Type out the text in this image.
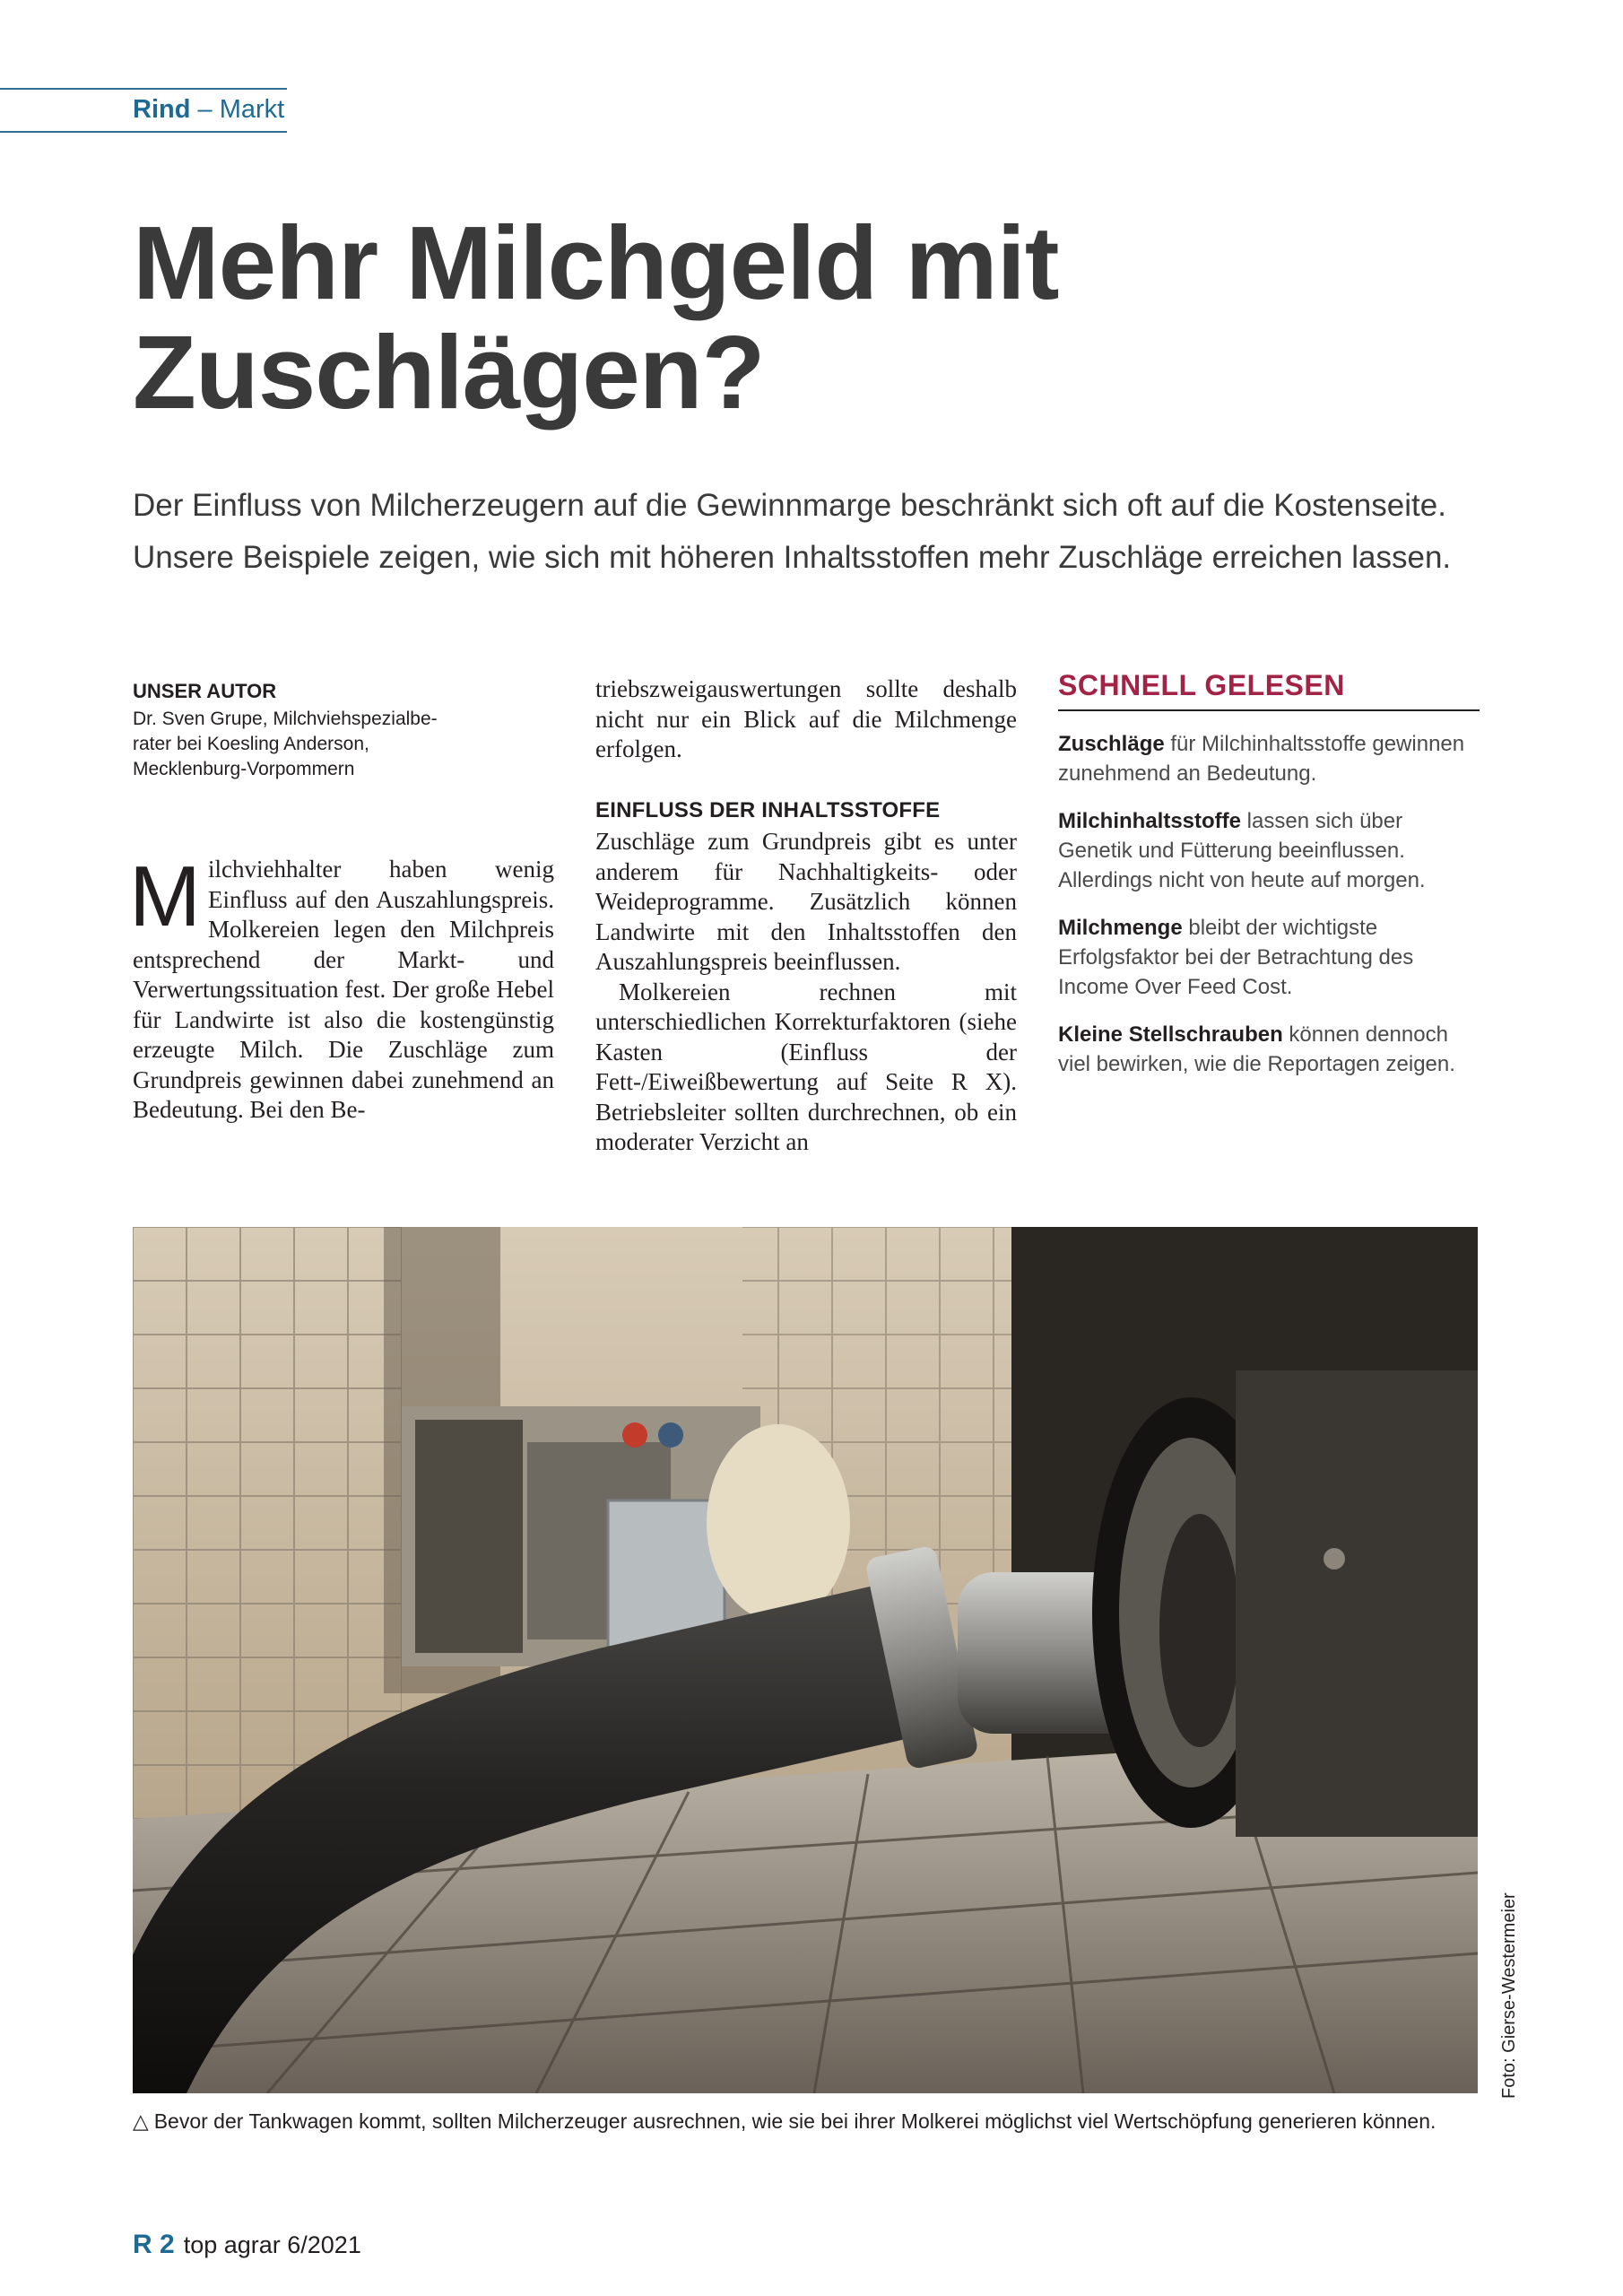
Rind – Markt
Mehr Milchgeld mit Zuschlägen?
Der Einfluss von Milcherzeugern auf die Gewinnmarge beschränkt sich oft auf die Kostenseite. Unsere Beispiele zeigen, wie sich mit höheren Inhaltsstoffen mehr Zuschläge erreichen lassen.
UNSER AUTOR
Dr. Sven Grupe, Milchviehspezialbe-
rater bei Koesling Anderson,
Mecklenburg-Vorpommern

Milchviehhalter haben wenig Einfluss auf den Auszahlungspreis. Molkereien legen den Milchpreis entsprechend der Markt- und Verwertungssituation fest. Der große Hebel für Landwirte ist also die kostengünstig erzeugte Milch. Die Zuschläge zum Grundpreis gewinnen dabei zunehmend an Bedeutung. Bei den Be-

triebszweigauswertungen sollte deshalb nicht nur ein Blick auf die Milchmenge erfolgen.

EINFLUSS DER INHALTSSTOFFE

Zuschläge zum Grundpreis gibt es unter anderem für Nachhaltigkeits- oder Weideprogramme. Zusätzlich können Landwirte mit den Inhaltsstoffen den Auszahlungspreis beeinflussen.

Molkereien rechnen mit unterschiedlichen Korrekturfaktoren (siehe Kasten (Einfluss der Fett-/Eiweißbewertung auf Seite R X). Betriebsleiter sollten durchrechnen, ob ein moderater Verzicht an

SCHNELL GELESEN
Zuschläge für Milchinhaltsstoffe gewinnen zunehmend an Bedeutung.
Milchinhaltsstoffe lassen sich über Genetik und Fütterung beeinflussen. Allerdings nicht von heute auf morgen.
Milchmenge bleibt der wichtigste Erfolgsfaktor bei der Betrachtung des Income Over Feed Cost.
Kleine Stellschrauben können dennoch viel bewirken, wie die Reportagen zeigen.
Foto: Gierse-Westermeier
△ Bevor der Tankwagen kommt, sollten Milcherzeuger ausrechnen, wie sie bei ihrer Molkerei möglichst viel Wertschöpfung generieren können.
R 2 top agrar 6/2021
